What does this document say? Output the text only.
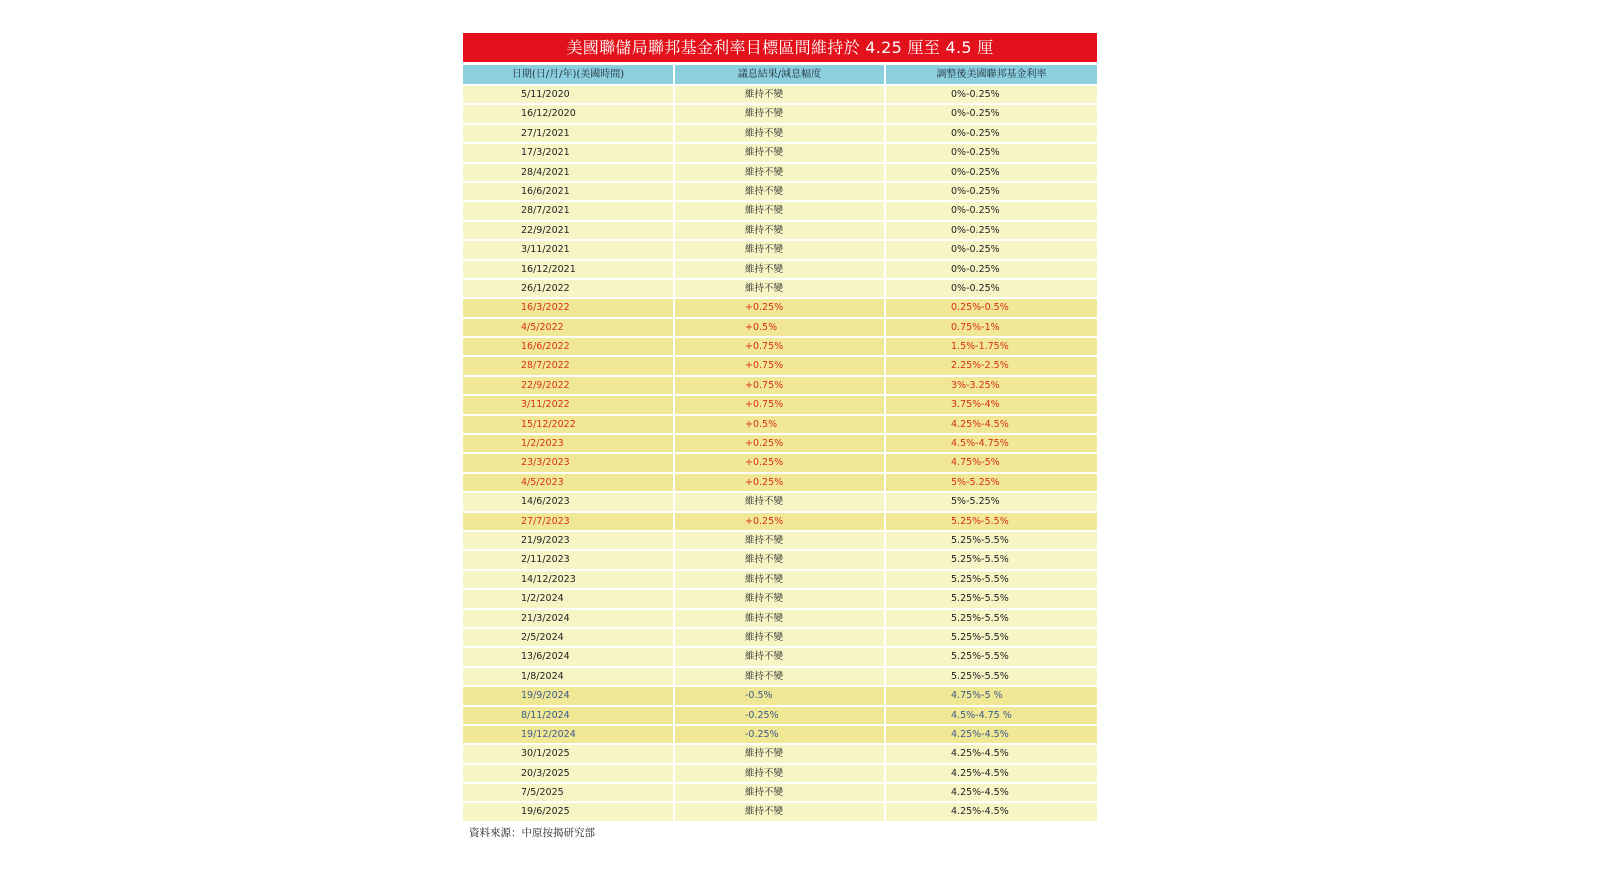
美國聯儲局聯邦基金利率目標區間維持於 4.25 厘至 4.5 厘
日期(日/月/年)(美國時間)	議息結果/減息幅度	調整後美國聯邦基金利率
5/11/2020	維持不變	0%-0.25%
16/12/2020	維持不變	0%-0.25%
27/1/2021	維持不變	0%-0.25%
17/3/2021	維持不變	0%-0.25%
28/4/2021	維持不變	0%-0.25%
16/6/2021	維持不變	0%-0.25%
28/7/2021	維持不變	0%-0.25%
22/9/2021	維持不變	0%-0.25%
3/11/2021	維持不變	0%-0.25%
16/12/2021	維持不變	0%-0.25%
26/1/2022	維持不變	0%-0.25%
16/3/2022	+0.25%	0.25%-0.5%
4/5/2022	+0.5%	0.75%-1%
16/6/2022	+0.75%	1.5%-1.75%
28/7/2022	+0.75%	2.25%-2.5%
22/9/2022	+0.75%	3%-3.25%
3/11/2022	+0.75%	3.75%-4%
15/12/2022	+0.5%	4.25%-4.5%
1/2/2023	+0.25%	4.5%-4.75%
23/3/2023	+0.25%	4.75%-5%
4/5/2023	+0.25%	5%-5.25%
14/6/2023	維持不變	5%-5.25%
27/7/2023	+0.25%	5.25%-5.5%
21/9/2023	維持不變	5.25%-5.5%
2/11/2023	維持不變	5.25%-5.5%
14/12/2023	維持不變	5.25%-5.5%
1/2/2024	維持不變	5.25%-5.5%
21/3/2024	維持不變	5.25%-5.5%
2/5/2024	維持不變	5.25%-5.5%
13/6/2024	維持不變	5.25%-5.5%
1/8/2024	維持不變	5.25%-5.5%
19/9/2024	-0.5%	4.75%-5 %
8/11/2024	-0.25%	4.5%-4.75 %
19/12/2024	-0.25%	4.25%-4.5%
30/1/2025	維持不變	4.25%-4.5%
20/3/2025	維持不變	4.25%-4.5%
7/5/2025	維持不變	4.25%-4.5%
19/6/2025	維持不變	4.25%-4.5%
資料來源：中原按揭研究部
